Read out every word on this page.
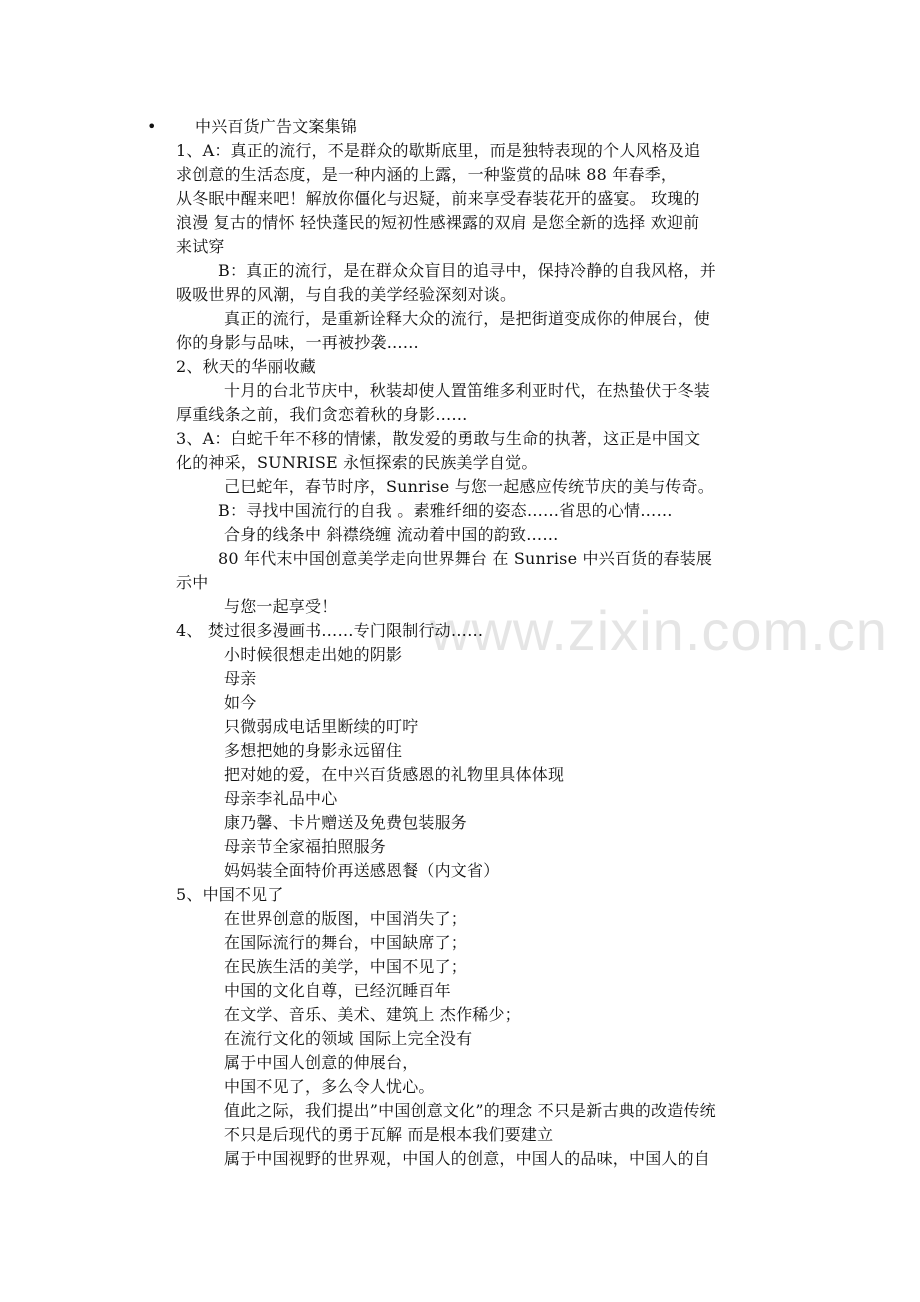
• 中兴百货广告文案集锦
1、A：真正的流行，不是群众的歇斯底里，而是独特表现的个人风格及追
求创意的生活态度，是一种内涵的上露，一种鉴赏的品味 88 年春季，
从冬眠中醒来吧！解放你僵化与迟疑，前来享受春装花开的盛宴。 玫瑰的
浪漫 复古的情怀 轻快蓬民的短初性感裸露的双肩 是您全新的选择 欢迎前
来试穿
B：真正的流行，是在群众众盲目的追寻中，保持冷静的自我风格，并
吸吸世界的风潮，与自我的美学经验深刻对谈。
真正的流行，是重新诠释大众的流行，是把街道变成你的伸展台，使
你的身影与品味，一再被抄袭……
2、秋天的华丽收藏
十月的台北节庆中，秋装却使人置笛维多利亚时代，在热蛰伏于冬装
厚重线条之前，我们贪恋着秋的身影……
3、A：白蛇千年不移的情愫，散发爱的勇敢与生命的执著，这正是中国文
化的神采，SUNRISE 永恒探索的民族美学自觉。
己巳蛇年，春节时序，Sunrise 与您一起感应传统节庆的美与传奇。
B：寻找中国流行的自我 。素雅纤细的姿态……省思的心情……
合身的线条中 斜襟绕缠 流动着中国的韵致……
80 年代末中国创意美学走向世界舞台 在 Sunrise 中兴百货的春装展
示中
与您一起享受！
4、 焚过很多漫画书……专门限制行动……
小时候很想走出她的阴影
母亲
如今
只微弱成电话里断续的叮咛
多想把她的身影永远留住
把对她的爱，在中兴百货感恩的礼物里具体体现
母亲李礼品中心
康乃馨、卡片赠送及免费包装服务
母亲节全家福拍照服务
妈妈装全面特价再送感恩餐（内文省）
5、中国不见了
在世界创意的版图，中国消失了；
在国际流行的舞台，中国缺席了；
在民族生活的美学，中国不见了；
中国的文化自尊，已经沉睡百年
在文学、音乐、美术、建筑上 杰作稀少；
在流行文化的领域 国际上完全没有
属于中国人创意的伸展台，
中国不见了，多么令人忧心。
值此之际，我们提出”中国创意文化”的理念 不只是新古典的改造传统
不只是后现代的勇于瓦解 而是根本我们要建立
属于中国视野的世界观，中国人的创意，中国人的品味，中国人的自
www.zixin.com.cn
